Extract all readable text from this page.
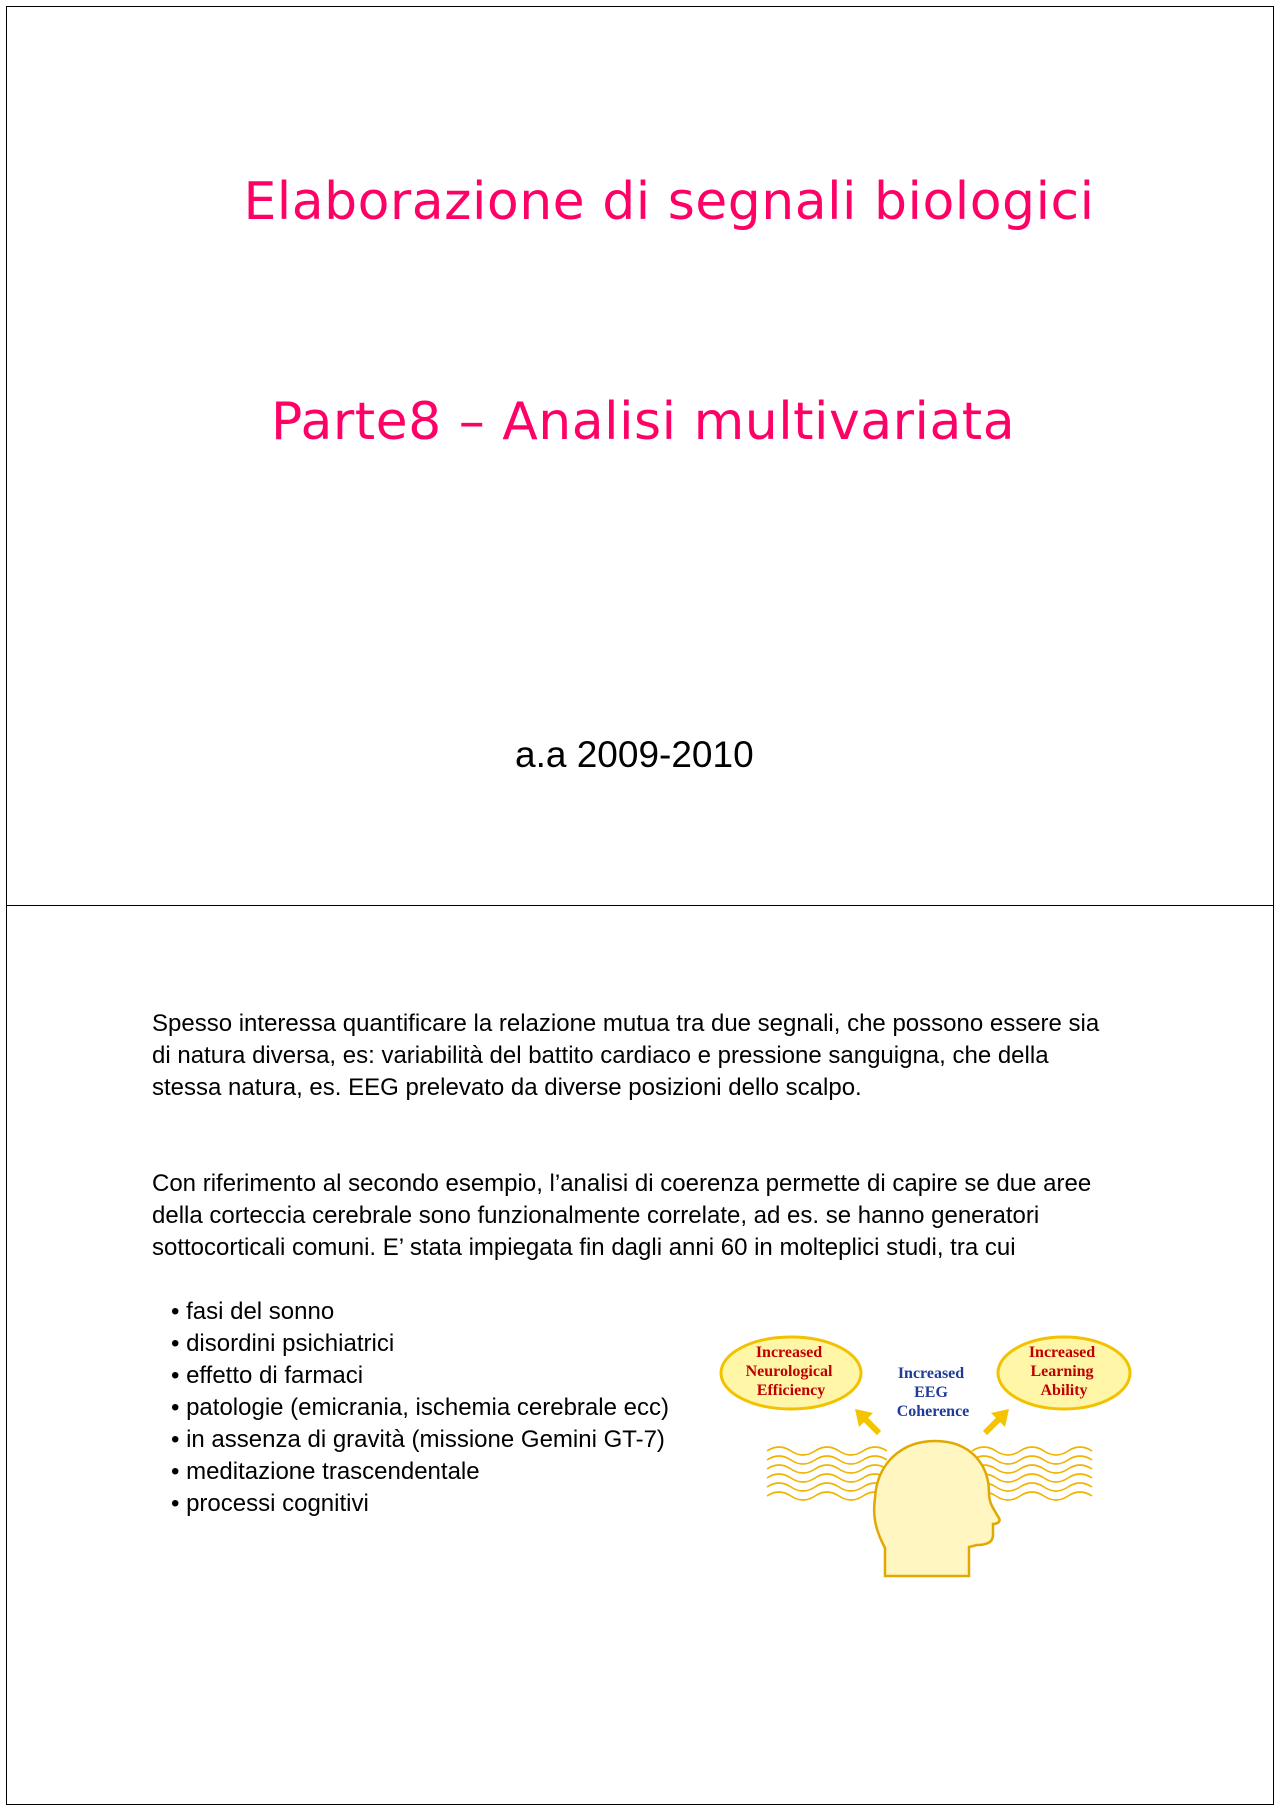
Elaborazione di segnali biologici
Parte8 – Analisi multivariata
a.a 2009-2010
Spesso interessa quantificare la relazione mutua tra due segnali, che possono essere sia di natura diversa, es: variabilità del battito cardiaco e pressione sanguigna, che della stessa natura, es. EEG prelevato da diverse posizioni dello scalpo.
Con riferimento al secondo esempio, l’analisi di coerenza permette di capire se due aree della corteccia cerebrale sono funzionalmente correlate, ad es. se hanno generatori sottocorticali comuni. E’ stata impiegata fin dagli anni 60 in molteplici studi, tra cui
• fasi del sonno
• disordini psichiatrici
• effetto di farmaci
• patologie (emicrania, ischemia cerebrale ecc)
• in assenza di gravità (missione Gemini GT-7)
• meditazione trascendentale
• processi cognitivi
Increased Neurological Efficiency
Increased Learning Ability
Increased EEG Coherence
